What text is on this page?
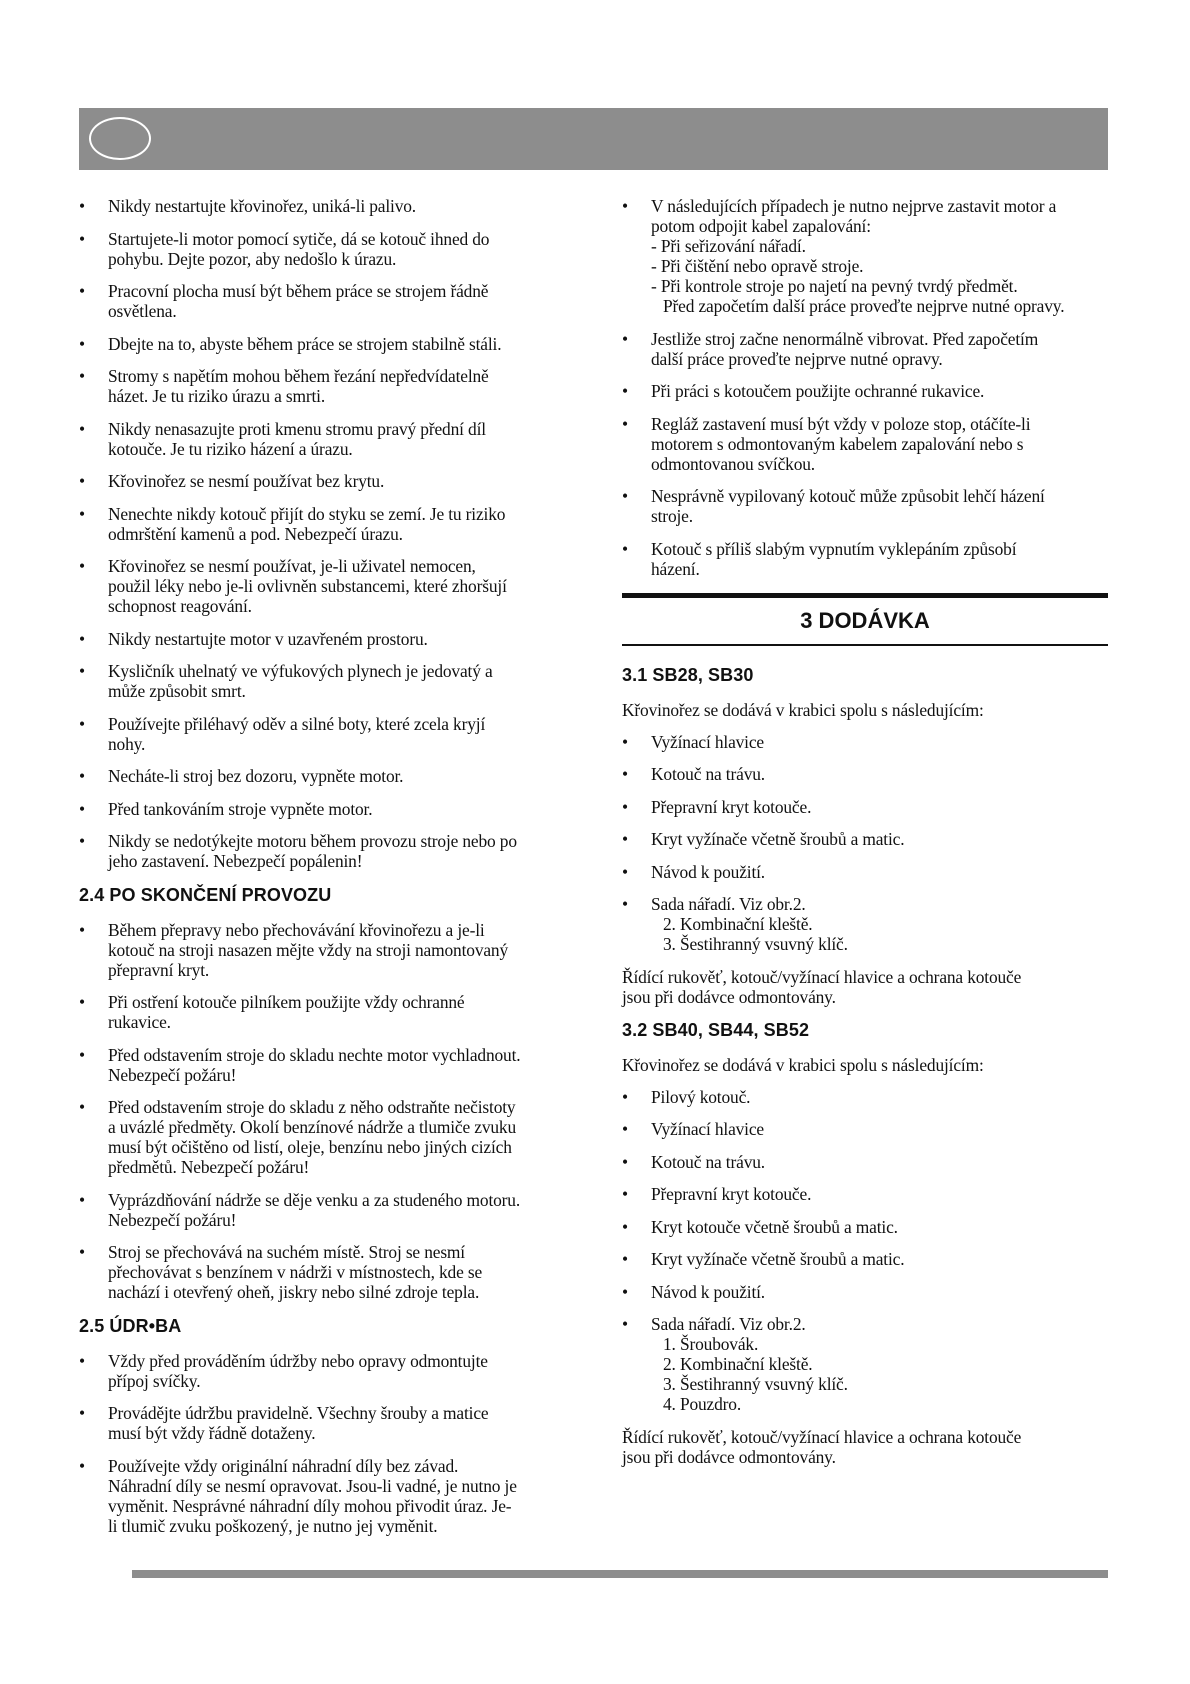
•	Nikdy nestartujte křovinořez, uniká-li palivo.
•	Startujete-li motor pomocí sytiče, dá se kotouč ihned do
pohybu. Dejte pozor, aby nedošlo k úrazu.
•	Pracovní plocha musí být během práce se strojem řádně
osvětlena.
•	Dbejte na to, abyste během práce se strojem stabilně stáli.
•	Stromy s napětím mohou během řezání nepředvídatelně
házet. Je tu riziko úrazu a smrti.
•	Nikdy nenasazujte proti kmenu stromu pravý přední díl
kotouče. Je tu riziko házení a úrazu.
•	Křovinořez se nesmí používat bez krytu.
•	Nenechte nikdy kotouč přijít do styku se zemí. Je tu riziko
odmrštění kamenů a pod. Nebezpečí úrazu.
•	Křovinořez se nesmí používat, je-li uživatel nemocen,
použil léky nebo je-li ovlivněn substancemi, které zhoršují
schopnost reagování.
•	Nikdy nestartujte motor v uzavřeném prostoru.
•	Kysličník uhelnatý ve výfukových plynech je jedovatý a
může způsobit smrt.
•	Používejte přiléhavý oděv a silné boty, které zcela kryjí
nohy.
•	Necháte-li stroj bez dozoru, vypněte motor.
•	Před tankováním stroje vypněte motor.
•	Nikdy se nedotýkejte motoru během provozu stroje nebo po
jeho zastavení. Nebezpečí popálenin!
2.4 PO SKONČENÍ PROVOZU
•	Během přepravy nebo přechovávání křovinořezu a je-li
kotouč na stroji nasazen mějte vždy na stroji namontovaný
přepravní kryt.
•	Při ostření kotouče pilníkem použijte vždy ochranné
rukavice.
•	Před odstavením stroje do skladu nechte motor vychladnout.
Nebezpečí požáru!
•	Před odstavením stroje do skladu z něho odstraňte nečistoty
a uvázlé předměty. Okolí benzínové nádrže a tlumiče zvuku
musí být očištěno od listí, oleje, benzínu nebo jiných cizích
předmětů. Nebezpečí požáru!
•	Vyprázdňování nádrže se děje venku a za studeného motoru.
Nebezpečí požáru!
•	Stroj se přechovává na suchém místě. Stroj se nesmí
přechovávat s benzínem v nádrži v místnostech, kde se
nachází i otevřený oheň, jiskry nebo silné zdroje tepla.
2.5 ÚDR•BA
•	Vždy před prováděním údržby nebo opravy odmontujte
přípoj svíčky.
•	Provádějte údržbu pravidelně. Všechny šrouby a matice
musí být vždy řádně dotaženy.
•	Používejte vždy originální náhradní díly bez závad.
Náhradní díly se nesmí opravovat. Jsou-li vadné, je nutno je
vyměnit. Nesprávné náhradní díly mohou přivodit úraz. Je-
li tlumič zvuku poškozený, je nutno jej vyměnit.
•	V následujících případech je nutno nejprve zastavit motor a
potom odpojit kabel zapalování:
- Při seřizování nářadí.
- Při čištění nebo opravě stroje.
- Při kontrole stroje po najetí na pevný tvrdý předmět.
Před započetím další práce proveďte nejprve nutné opravy.
•	Jestliže stroj začne nenormálně vibrovat. Před započetím
další práce proveďte nejprve nutné opravy.
•	Při práci s kotoučem použijte ochranné rukavice.
•	Regláž zastavení musí být vždy v poloze stop, otáčíte-li
motorem s odmontovaným kabelem zapalování nebo s
odmontovanou svíčkou.
•	Nesprávně vypilovaný kotouč může způsobit lehčí házení
stroje.
•	Kotouč s příliš slabým vypnutím vyklepáním způsobí
házení.
3 DODÁVKA
3.1 SB28, SB30

Křovinořez se dodává v krabici spolu s následujícím:

•	Vyžínací hlavice
•	Kotouč na trávu.
•	Přepravní kryt kotouče.
•	Kryt vyžínače včetně šroubů a matic.
•	Návod k použití.
•	Sada nářadí. Viz obr.2.
2. Kombinační kleště.
3. Šestihranný vsuvný klíč.

Řídící rukověť, kotouč/vyžínací hlavice a ochrana kotouče
jsou při dodávce odmontovány.

3.2 SB40, SB44, SB52

Křovinořez se dodává v krabici spolu s následujícím:

•	Pilový kotouč.
•	Vyžínací hlavice
•	Kotouč na trávu.
•	Přepravní kryt kotouče.
•	Kryt kotouče včetně šroubů a matic.
•	Kryt vyžínače včetně šroubů a matic.
•	Návod k použití.
•	Sada nářadí. Viz obr.2.
1. Šroubovák.
2. Kombinační kleště.
3. Šestihranný vsuvný klíč.
4. Pouzdro.

Řídící rukověť, kotouč/vyžínací hlavice a ochrana kotouče
jsou při dodávce odmontovány.
